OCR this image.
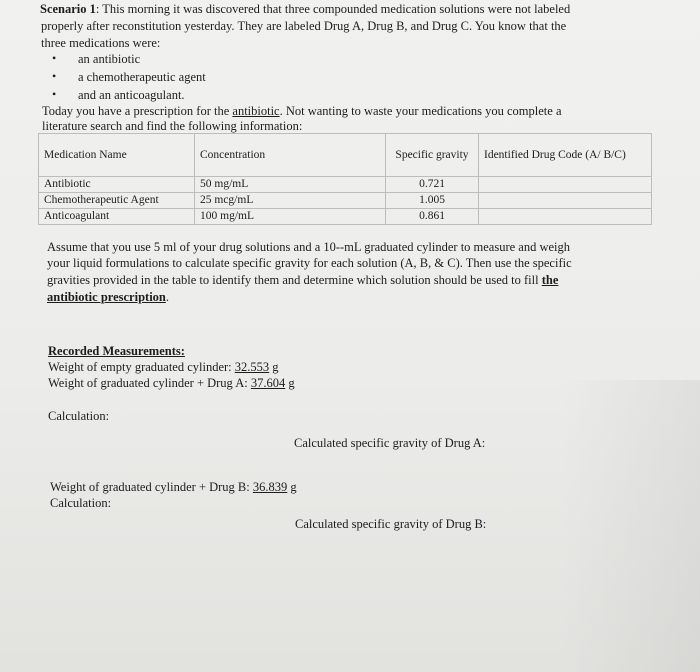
Scenario 1: This morning it was discovered that three compounded medication solutions were not labeled
properly after reconstitution yesterday. They are labeled Drug A, Drug B, and Drug C. You know that the
three medications were:
• an antibiotic
• a chemotherapeutic agent
• and an anticoagulant.
Today you have a prescription for the antibiotic. Not wanting to waste your medications you complete a
literature search and find the following information:
Medication Name	Concentration	Specific gravity	Identified Drug Code (A/ B/C)
Antibiotic	50 mg/mL	0.721	
Chemotherapeutic Agent	25 mcg/mL	1.005	
Anticoagulant	100 mg/mL	0.861	
Assume that you use 5 ml of your drug solutions and a 10--mL graduated cylinder to measure and weigh
your liquid formulations to calculate specific gravity for each solution (A, B, & C). Then use the specific
gravities provided in the table to identify them and determine which solution should be used to fill the
antibiotic prescription.
Recorded Measurements:
Weight of empty graduated cylinder: 32.553 g
Weight of graduated cylinder + Drug A: 37.604 g
Calculation:
Calculated specific gravity of Drug A:
Weight of graduated cylinder + Drug B: 36.839 g
Calculation:
Calculated specific gravity of Drug B:
